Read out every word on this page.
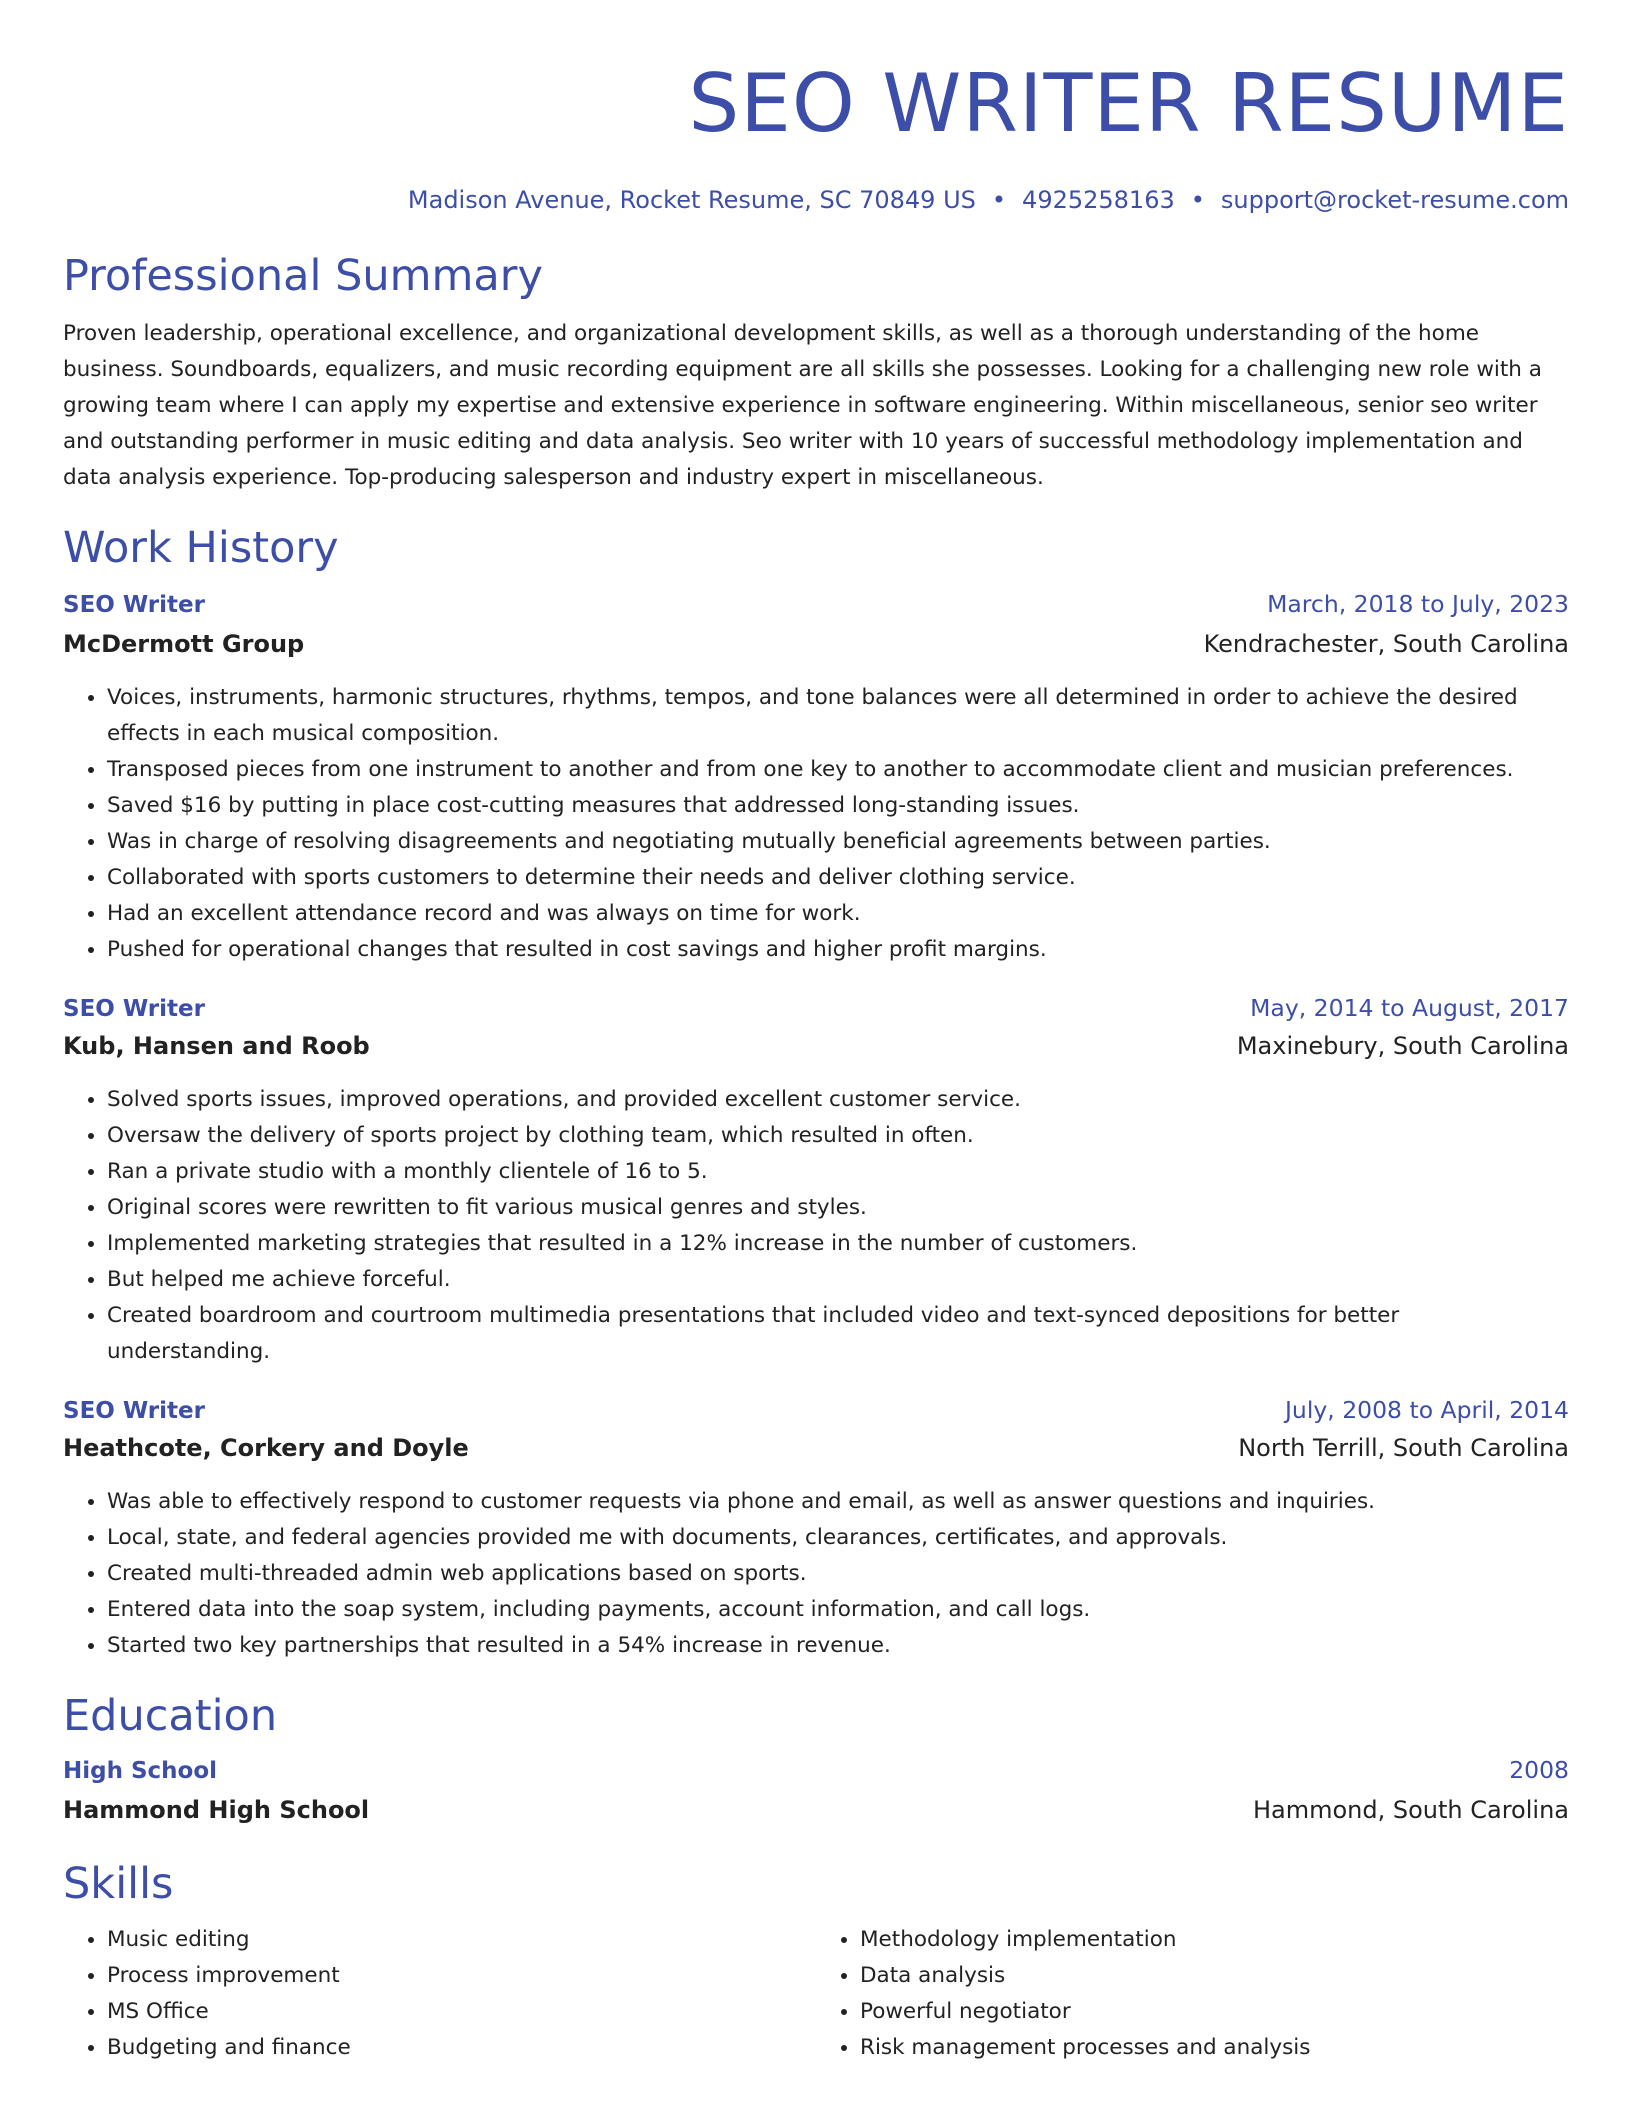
SEO WRITER RESUME
Madison Avenue, Rocket Resume, SC 70849 US • 4925258163 • support@rocket-resume.com
Professional Summary

Proven leadership, operational excellence, and organizational development skills, as well as a thorough understanding of the home business. Soundboards, equalizers, and music recording equipment are all skills she possesses. Looking for a challenging new role with a growing team where I can apply my expertise and extensive experience in software engineering. Within miscellaneous, senior seo writer and outstanding performer in music editing and data analysis. Seo writer with 10 years of successful methodology implementation and data analysis experience. Top-producing salesperson and industry expert in miscellaneous.

Work History
SEO Writer	March, 2018 to July, 2023
McDermott Group	Kendrachester, South Carolina
• Voices, instruments, harmonic structures, rhythms, tempos, and tone balances were all determined in order to achieve the desired effects in each musical composition.
• Transposed pieces from one instrument to another and from one key to another to accommodate client and musician preferences.
• Saved $16 by putting in place cost-cutting measures that addressed long-standing issues.
• Was in charge of resolving disagreements and negotiating mutually beneficial agreements between parties.
• Collaborated with sports customers to determine their needs and deliver clothing service.
• Had an excellent attendance record and was always on time for work.
• Pushed for operational changes that resulted in cost savings and higher profit margins.
SEO Writer	May, 2014 to August, 2017
Kub, Hansen and Roob	Maxinebury, South Carolina
• Solved sports issues, improved operations, and provided excellent customer service.
• Oversaw the delivery of sports project by clothing team, which resulted in often.
• Ran a private studio with a monthly clientele of 16 to 5.
• Original scores were rewritten to fit various musical genres and styles.
• Implemented marketing strategies that resulted in a 12% increase in the number of customers.
• But helped me achieve forceful.
• Created boardroom and courtroom multimedia presentations that included video and text-synced depositions for better understanding.
SEO Writer	July, 2008 to April, 2014
Heathcote, Corkery and Doyle	North Terrill, South Carolina
• Was able to effectively respond to customer requests via phone and email, as well as answer questions and inquiries.
• Local, state, and federal agencies provided me with documents, clearances, certificates, and approvals.
• Created multi-threaded admin web applications based on sports.
• Entered data into the soap system, including payments, account information, and call logs.
• Started two key partnerships that resulted in a 54% increase in revenue.
Education
High School	2008
Hammond High School	Hammond, South Carolina
Skills
• Music editing
• Process improvement
• MS Office
• Budgeting and finance
• Methodology implementation
• Data analysis
• Powerful negotiator
• Risk management processes and analysis
